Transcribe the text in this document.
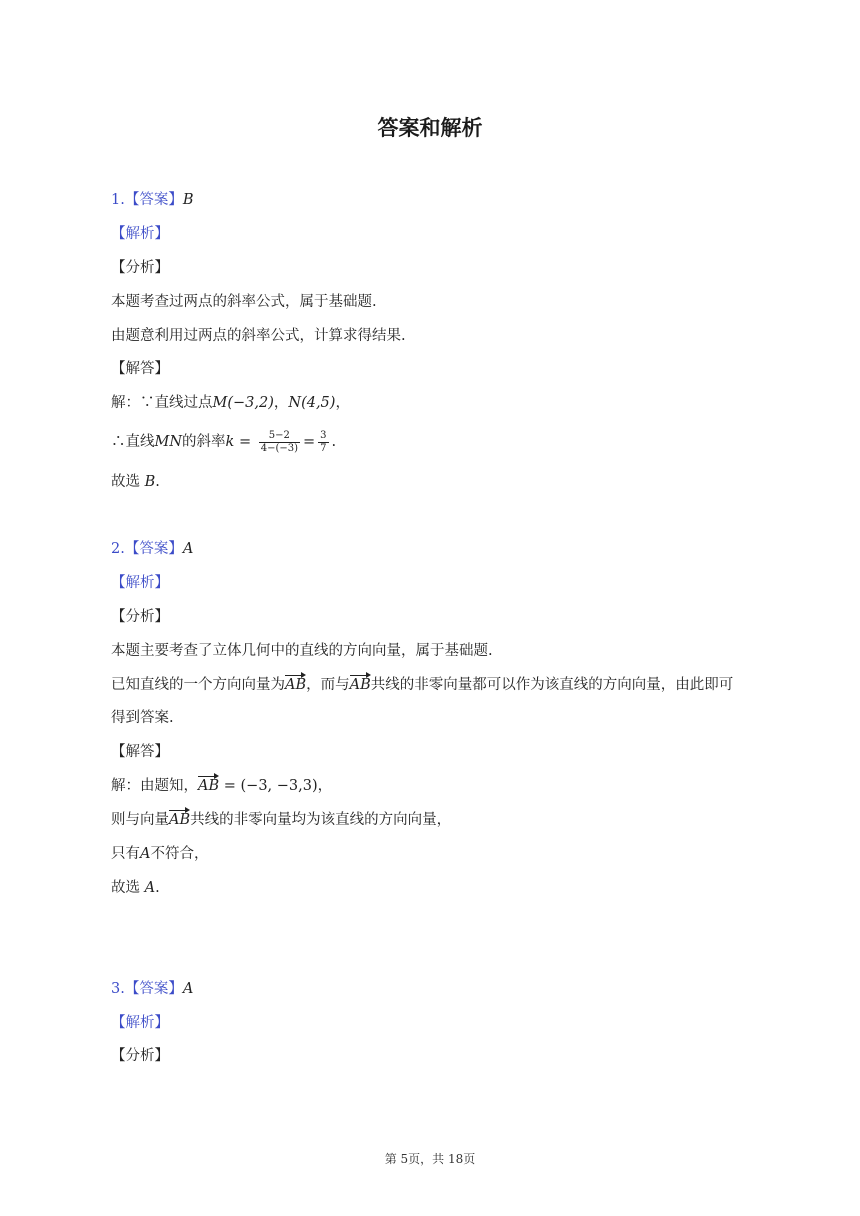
答案和解析
1.【答案】B
【解析】
【分析】
本题考查过两点的斜率公式，属于基础题.
由题意利用过两点的斜率公式，计算求得结果.
【解答】
解：∵直线过点M(−3,2)，N(4,5)，
∴直线MN的斜率$k = \frac{5-2}{4-(-3)} = \frac{3}{7}$ .
故选 B.
2.【答案】A
【解析】
【分析】
本题主要考查了立体几何中的直线的方向向量，属于基础题.
已知直线的一个方向向量为AB，而与AB共线的非零向量都可以作为该直线的方向向量，由此即可
得到答案.
【解答】
解：由题知，AB = (−3, −3,3)，
则与向量AB共线的非零向量均为该直线的方向向量，
只有A不符合，
故选 A.
3.【答案】A
【解析】
【分析】
第 5页，共 18页
